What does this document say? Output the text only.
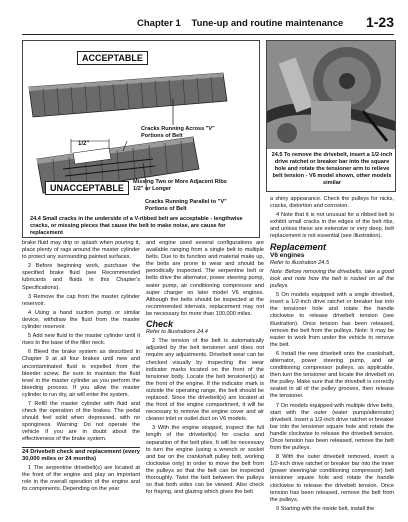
Chapter 1 Tune-up and routine maintenance 1-23
ACCEPTABLE
UNACCEPTABLE
Cracks Running Across "V" Portions of Belt
1/2"
Missing Two or More Adjacent Ribs 1/2" or Longer
Cracks Running Parallel to "V" Portions of Belt
24.4 Small cracks in the underside of a V-ribbed belt are acceptable - lengthwise cracks, or missing pieces that cause the belt to make noise, are cause for replacement
24.5 To remove the drivebelt, insert a 1/2-inch drive ratchet or breaker bar into the square hole and rotate the tensioner arm to relieve belt tension - V6 model shown, other models similar

brake fluid may drip or splash when pouring it, place plenty of rags around the master cylinder to protect any surrounding painted surfaces.

2 Before beginning work, purchase the specified brake fluid (see Recommended lubricants and fluids in this Chapter's Specifications).

3 Remove the cap from the master cylinder reservoir.

4 Using a hand suction pump or similar device, withdraw the fluid from the master cylinder reservoir.

5 Add new fluid to the master cylinder until it rises to the base of the filler neck.

6 Bleed the brake system as described in Chapter 9 at all four brakes until new and uncontaminated fluid is expelled from the bleeder screw. Be sure to maintain the fluid level in the master cylinder as you perform the bleeding process. If you allow the master cylinder to run dry, air will enter the system.

7 Refill the master cylinder with fluid and check the operation of the brakes. The pedal should feel solid when depressed, with no sponginess. Warning: Do not operate the vehicle if you are in doubt about the effectiveness of the brake system.

24 Drivebelt check and replacement (every 30,000 miles or 24 months)

1 The serpentine drivebelt(s) are located at the front of the engine and play an important role in the overall operation of the engine and its components. Depending on the year

and engine used several configurations are available ranging from a single belt to multiple belts. Due to its function and material make up, the belts are prone to wear and should be periodically inspected. The serpentine belt or belts drive the alternator, power steering pump, water pump, air conditioning compressor and super charger on later model V6 engines. Although the belts should be inspected at the recommended intervals, replacement may not be necessary for more than 100,000 miles.

Check

Refer to illustrations 24.4

2 The tension of the belt is automatically adjusted by the belt tensioner and does not require any adjustments. Drivebelt wear can be checked visually by inspecting the wear indicator marks located on the front of the tensioner body. Locate the belt tensioner(s) at the front of the engine. If the indicator mark is outside the operating range, the belt should be replaced. Since the drivebelt(s) are located at the front of the engine compartment, it will be necessary to remove the engine cover and air cleaner inlet or outlet duct on V6 models.

3 With the engine stopped, inspect the full length of the drivebelt(s) for cracks and separation of the belt plies. It will be necessary to turn the engine (using a wrench or socket and bar on the crankshaft pulley bolt, working clockwise only) in order to move the belt from the pulleys so that the belt can be inspected thoroughly. Twist the belt between the pulleys so that both sides can be viewed. Also check for fraying, and glazing which gives the belt

a shiny appearance. Check the pulleys for nicks, cracks, distortion and corrosion.

4 Note that it is not unusual for a ribbed belt to exhibit small cracks in the edges of the belt ribs, and unless these are extensive or very deep, belt replacement is not essential (see illustration).

Replacement
V6 engines

Refer to illustration 24.5

Note: Before removing the drivebelts, take a good look and note how the belt is routed on all the pulleys.

5 On models equipped with a single drivebelt, insert a 1/2-inch drive ratchet or breaker bar into the tensioner hole and rotate the handle clockwise to release drivebelt tension (see illustration). Once tension has been released, remove the belt from the pulleys. Note: It may be easier to work from under the vehicle to remove the belt.

6 Install the new drivebelt onto the crankshaft, alternator, power steering pump, and air conditioning compressor pulleys, as applicable, then turn the tensioner and locate the drivebelt on the pulley. Make sure that the drivebelt is correctly seated in all of the pulley grooves, then release the tensioner.

7 On models equipped with multiple drive belts, start with the outer (water pump/alternator) drivebelt. Insert a 1/2-inch drive ratchet or breaker bar into the tensioner square hole and rotate the handle clockwise to release the drivebelt tension. Once tension has been released, remove the belt from the pulleys.

8 With the outer drivebelt removed, insert a 1/2-inch drive ratchet or breaker bar into the inner (power steering/air conditioning compressor) belt tensioner square hole and rotate the handle clockwise to release the drivebelt tension. Once tension has been released, remove the belt from the pulleys.

9 Starting with the inside belt, install the
